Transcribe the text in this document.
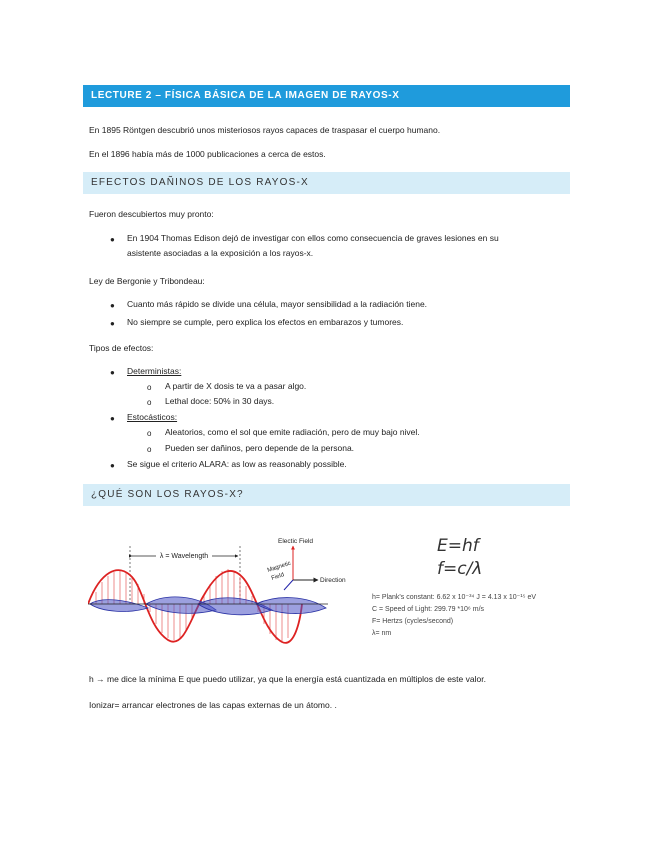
LECTURE 2 – FÍSICA BÁSICA DE LA IMAGEN DE RAYOS-X
En 1895 Röntgen descubrió unos misteriosos rayos capaces de traspasar el cuerpo humano.
En el 1896 había más de 1000 publicaciones a cerca de estos.
EFECTOS DAÑINOS DE LOS RAYOS-X
Fueron descubiertos muy pronto:
● En 1904 Thomas Edison dejó de investigar con ellos como consecuencia de graves lesiones en su
asistente asociadas a la exposición a los rayos-x.
Ley de Bergonie y Tribondeau:
● Cuanto más rápido se divide una célula, mayor sensibilidad a la radiación tiene.
● No siempre se cumple, pero explica los efectos en embarazos y tumores.
Tipos de efectos:
● Deterministas:
o A partir de X dosis te va a pasar algo.
o Lethal doce: 50% in 30 days.
● Estocásticos:
o Aleatorios, como el sol que emite radiación, pero de muy bajo nivel.
o Pueden ser dañinos, pero depende de la persona.
● Se sigue el criterio ALARA: as low as reasonably possible.
¿QUÉ SON LOS RAYOS-X?
λ = Wavelength
Electic Field
Direction
Magnetic
Field
E=hf
f=c/λ
h= Plank's constant: 6.62 x 10⁻³⁴ J = 4.13 x 10⁻¹⁵ eV
C = Speed of Light: 299.79 *10⁶ m/s
F= Hertzs (cycles/second)
λ= nm
h → me dice la mínima E que puedo utilizar, ya que la energía está cuantizada en múltiplos de este valor.
Ionizar= arrancar electrones de las capas externas de un átomo. .
